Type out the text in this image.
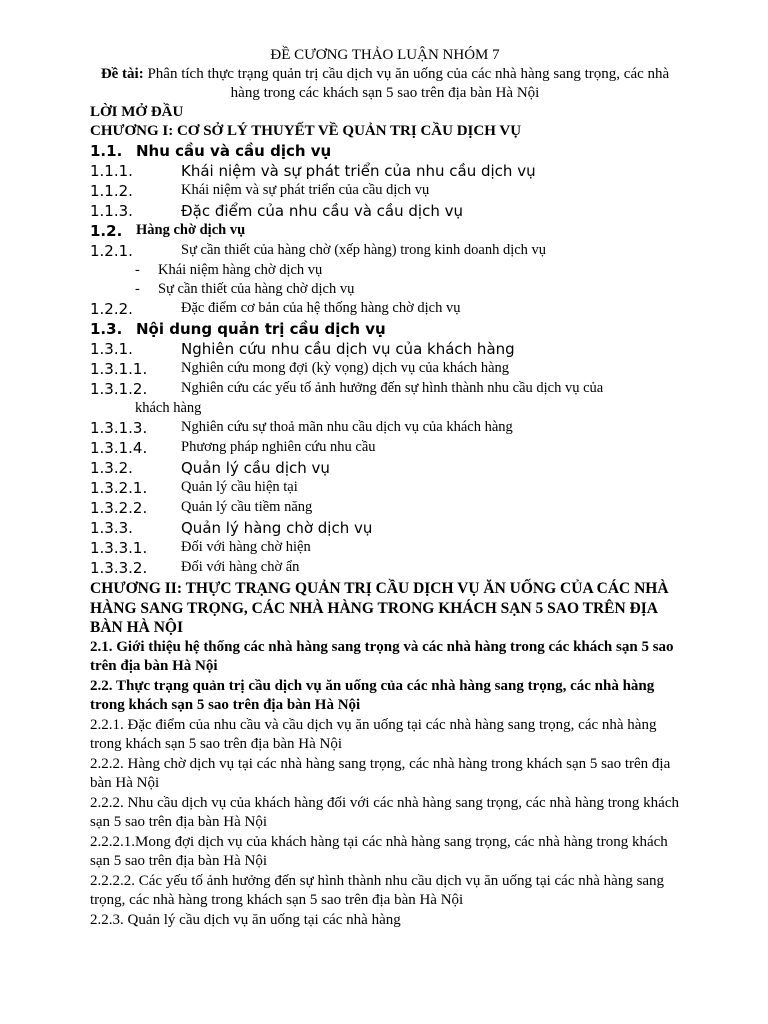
ĐỀ CƯƠNG THẢO LUẬN NHÓM 7
Đề tài: Phân tích thực trạng quản trị cầu dịch vụ ăn uống của các nhà hàng sang trọng, các nhà hàng trong các khách sạn 5 sao trên địa bàn Hà Nội
LỜI MỞ ĐẦU
CHƯƠNG I: CƠ SỞ LÝ THUYẾT VỀ QUẢN TRỊ CẦU DỊCH VỤ
1.1. Nhu cầu và cầu dịch vụ
1.1.1.	Khái niệm và sự phát triển của nhu cầu dịch vụ
1.1.2.	Khái niệm và sự phát triển của cầu dịch vụ
1.1.3.	Đặc điểm của nhu cầu và cầu dịch vụ
1.2. Hàng chờ dịch vụ
1.2.1.	Sự cần thiết của hàng chờ (xếp hàng) trong kinh doanh dịch vụ
-	Khái niệm hàng chờ dịch vụ
-	Sự cần thiết của hàng chờ dịch vụ
1.2.2.	Đặc điểm cơ bản của hệ thống hàng chờ dịch vụ
1.3. Nội dung quản trị cầu dịch vụ
1.3.1.	Nghiên cứu nhu cầu dịch vụ của khách hàng
1.3.1.1.	Nghiên cứu mong đợi (kỳ vọng) dịch vụ của khách hàng
1.3.1.2.	Nghiên cứu các yếu tố ảnh hưởng đến sự hình thành nhu cầu dịch vụ của
khách hàng
1.3.1.3.	Nghiên cứu sự thoả mãn nhu cầu dịch vụ của khách hàng
1.3.1.4.	Phương pháp nghiên cứu nhu cầu
1.3.2.	Quản lý cầu dịch vụ
1.3.2.1.	Quản lý cầu hiện tại
1.3.2.2.	Quản lý cầu tiềm năng
1.3.3.	Quản lý hàng chờ dịch vụ
1.3.3.1.	Đối với hàng chờ hiện
1.3.3.2.	Đối với hàng chờ ẩn
CHƯƠNG II: THỰC TRẠNG QUẢN TRỊ CẦU DỊCH VỤ ĂN UỐNG CỦA CÁC NHÀ HÀNG SANG TRỌNG, CÁC NHÀ HÀNG TRONG KHÁCH SẠN 5 SAO TRÊN ĐỊA BÀN HÀ NỘI
2.1. Giới thiệu hệ thống các nhà hàng sang trọng và các nhà hàng trong các khách sạn 5 sao trên địa bàn Hà Nội
2.2. Thực trạng quản trị cầu dịch vụ ăn uống của các nhà hàng sang trọng, các nhà hàng trong khách sạn 5 sao trên địa bàn Hà Nội
2.2.1. Đặc điểm của nhu cầu và cầu dịch vụ ăn uống tại các nhà hàng sang trọng, các nhà hàng trong khách sạn 5 sao trên địa bàn Hà Nội
2.2.2. Hàng chờ dịch vụ tại các nhà hàng sang trọng, các nhà hàng trong khách sạn 5 sao trên địa bàn Hà Nội
2.2.2. Nhu cầu dịch vụ của khách hàng đối với các nhà hàng sang trọng, các nhà hàng trong khách sạn 5 sao trên địa bàn Hà Nội
2.2.2.1.Mong đợi dịch vụ của khách hàng tại các nhà hàng sang trọng, các nhà hàng trong khách sạn 5 sao trên địa bàn Hà Nội
2.2.2.2. Các yếu tố ảnh hưởng đến sự hình thành nhu cầu dịch vụ ăn uống tại các nhà hàng sang trọng, các nhà hàng trong khách sạn 5 sao trên địa bàn Hà Nội
2.2.3. Quản lý cầu dịch vụ ăn uống tại các nhà hàng
